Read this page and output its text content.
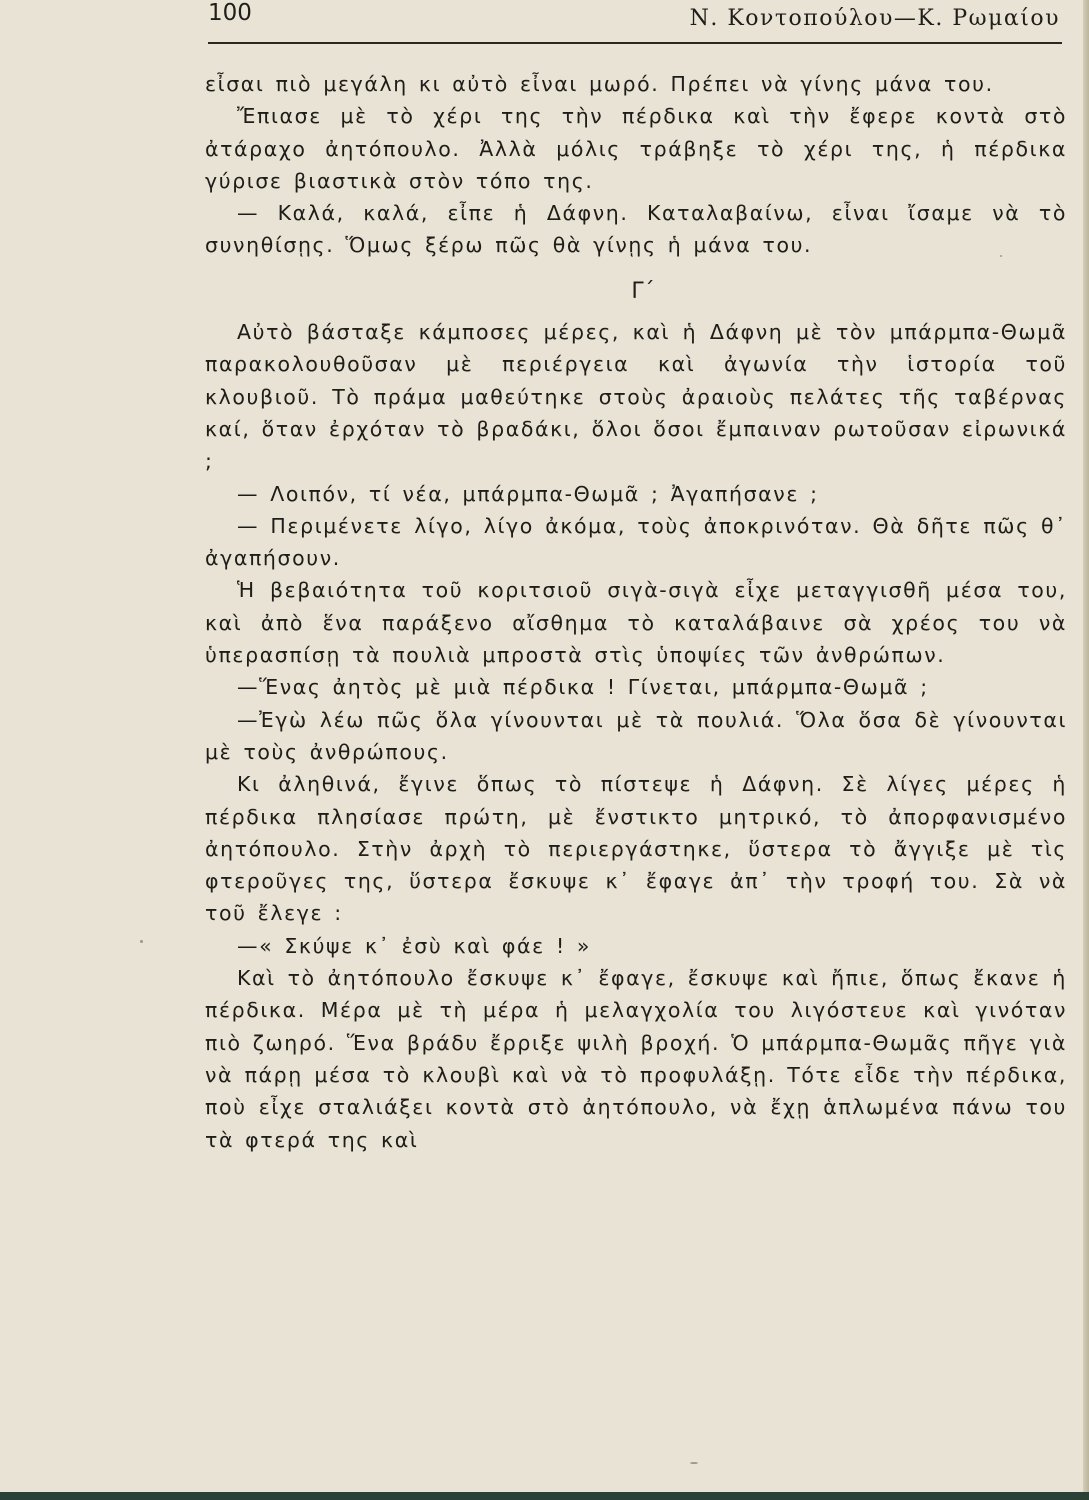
100	Ν. Κοντοπούλου—Κ. Ρωμαίου

εἶσαι πιὸ μεγάλη κι αὐτὸ εἶναι μωρό. Πρέπει νὰ γίνης μάνα του.

Ἔπιασε μὲ τὸ χέρι της τὴν πέρδικα καὶ τὴν ἔφερε κοντὰ στὸ ἀτάραχο ἀητόπουλο. Ἀλλὰ μόλις τράβηξε τὸ χέρι της, ἡ πέρδικα γύρισε βιαστικὰ στὸν τόπο της.

— Καλά, καλά, εἶπε ἡ Δάφνη. Καταλαβαίνω, εἶναι ἴσαμε νὰ τὸ συνηθίσῃς. Ὅμως ξέρω πῶς θὰ γίνῃς ἡ μάνα του.

Γ΄

Αὐτὸ βάσταξε κάμποσες μέρες, καὶ ἡ Δάφνη μὲ τὸν μπάρμπα-Θωμᾶ παρακολουθοῦσαν μὲ περιέργεια καὶ ἀγωνία τὴν ἱστορία τοῦ κλουβιοῦ. Τὸ πράμα μαθεύτηκε στοὺς ἀραιοὺς πελάτες τῆς ταβέρνας καί, ὅταν ἐρχόταν τὸ βραδάκι, ὅλοι ὅσοι ἔμπαιναν ρωτοῦσαν εἰρωνικά ;

— Λοιπόν, τί νέα, μπάρμπα-Θωμᾶ ; Ἀγαπήσανε ;

— Περιμένετε λίγο, λίγο ἀκόμα, τοὺς ἀποκρινόταν. Θὰ δῆτε πῶς θ᾽ ἀγαπήσουν.

Ἡ βεβαιότητα τοῦ κοριτσιοῦ σιγὰ-σιγὰ εἶχε μεταγγισθῆ μέσα του, καὶ ἀπὸ ἕνα παράξενο αἴσθημα τὸ καταλάβαινε σὰ χρέος του νὰ ὑπερασπίσῃ τὰ πουλιὰ μπροστὰ στὶς ὑποψίες τῶν ἀνθρώπων.

—Ἕνας ἀητὸς μὲ μιὰ πέρδικα ! Γίνεται, μπάρμπα-Θωμᾶ ;

—Ἐγὼ λέω πῶς ὅλα γίνουνται μὲ τὰ πουλιά. Ὅλα ὅσα δὲ γίνουνται μὲ τοὺς ἀνθρώπους.

Κι ἀληθινά, ἔγινε ὅπως τὸ πίστεψε ἡ Δάφνη. Σὲ λίγες μέρες ἡ πέρδικα πλησίασε πρώτη, μὲ ἔνστικτο μητρικό, τὸ ἀπορφανισμένο ἀητόπουλο. Στὴν ἀρχὴ τὸ περιεργάστηκε, ὕστερα τὸ ἄγγιξε μὲ τὶς φτεροῦγες της, ὕστερα ἔσκυψε κ᾽ ἔφαγε ἀπ᾽ τὴν τροφή του. Σὰ νὰ τοῦ ἔλεγε :

—« Σκύψε κ᾽ ἐσὺ καὶ φάε ! »

Καὶ τὸ ἀητόπουλο ἔσκυψε κ᾽ ἔφαγε, ἔσκυψε καὶ ἤπιε, ὅπως ἔκανε ἡ πέρδικα. Μέρα μὲ τὴ μέρα ἡ μελαγχολία του λιγόστευε καὶ γινόταν πιὸ ζωηρό. Ἕνα βράδυ ἔρριξε ψιλὴ βροχή. Ὁ μπάρμπα-Θωμᾶς πῆγε γιὰ νὰ πάρῃ μέσα τὸ κλουβὶ καὶ νὰ τὸ προφυλάξῃ. Τότε εἶδε τὴν πέρδικα, ποὺ εἶχε σταλιάξει κοντὰ στὸ ἀητόπουλο, νὰ ἔχῃ ἁπλωμένα πάνω του τὰ φτερά της καὶ
